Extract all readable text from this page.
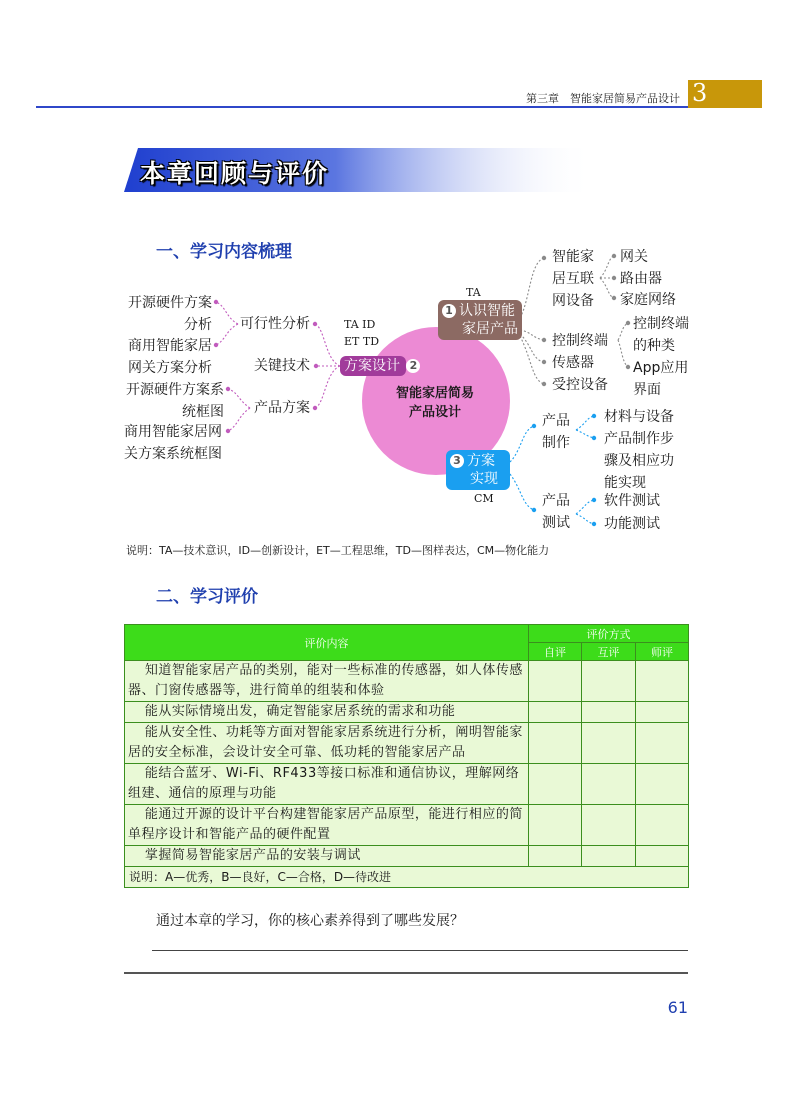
第三章　智能家居简易产品设计 3
本章回顾与评价
一、学习内容梳理
智能家居简易
产品设计
TA
1 认识智能
家居产品
TA ID
ET TD
方案设计 2
3 方案
实现
CM
智能家
居互联
网设备
控制终端
传感器
受控设备
网关
路由器
家庭网络
控制终端
的种类
App应用
界面
可行性分析
关键技术
产品方案
开源硬件方案
分析
商用智能家居
网关方案分析
开源硬件方案系
统框图
商用智能家居网
关方案系统框图
产品
制作
产品
测试
材料与设备
产品制作步
骤及相应功
能实现
软件测试
功能测试
说明：TA—技术意识，ID—创新设计，ET—工程思维，TD—图样表达，CM—物化能力
二、学习评价
评价内容	评价方式		
	自评	互评	师评
知道智能家居产品的类别，能对一些标准的传感器，如人体传感器、门窗传感器等，进行简单的组装和体验			
能从实际情境出发，确定智能家居系统的需求和功能			
能从安全性、功耗等方面对智能家居系统进行分析，阐明智能家居的安全标准，会设计安全可靠、低功耗的智能家居产品			
能结合蓝牙、Wi-Fi、RF433等接口标准和通信协议，理解网络组建、通信的原理与功能			
能通过开源的设计平台构建智能家居产品原型，能进行相应的简单程序设计和智能产品的硬件配置			
掌握简易智能家居产品的安装与调试			
说明：A—优秀，B—良好，C—合格，D—待改进			
通过本章的学习，你的核心素养得到了哪些发展？
61
